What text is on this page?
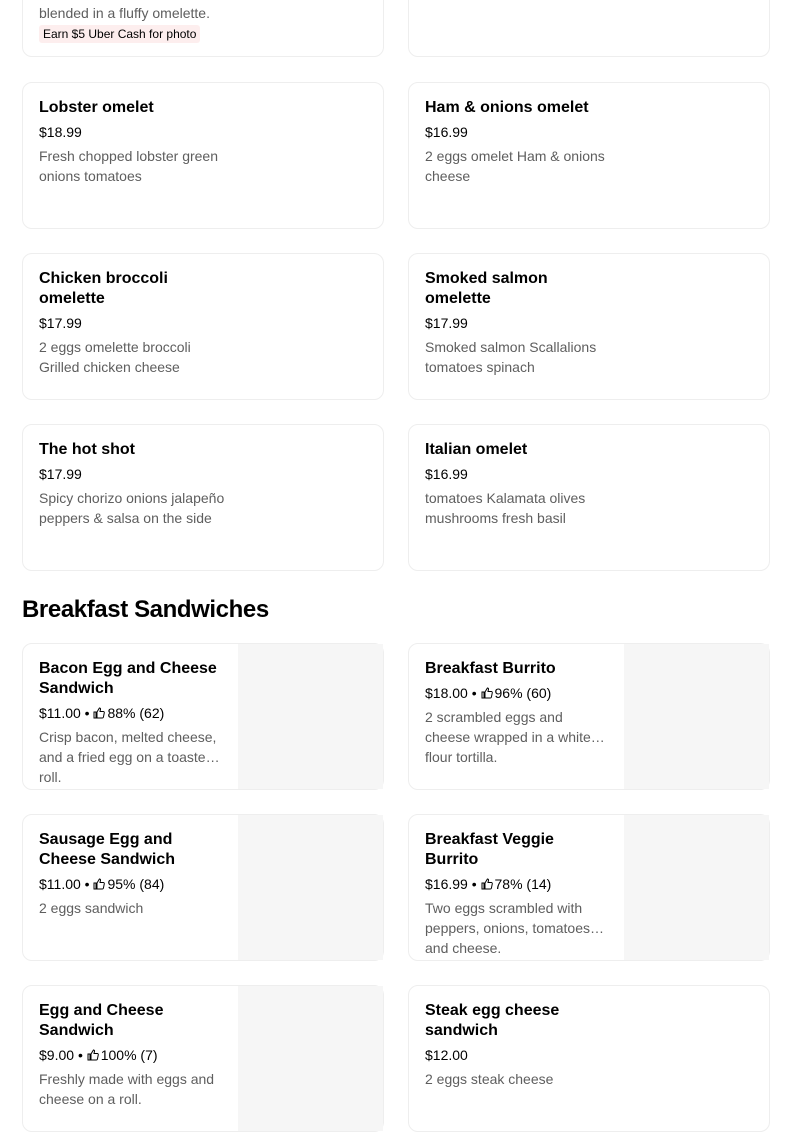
blended in a fluffy omelette.
Earn $5 Uber Cash for photo
Lobster omelet
$18.99
Fresh chopped lobster green onions tomatoes
Ham & onions omelet
$16.99
2 eggs omelet Ham & onions cheese
Chicken broccoli omelette
$17.99
2 eggs omelette broccoli Grilled chicken cheese
Smoked salmon omelette
$17.99
Smoked salmon Scallalions tomatoes spinach
The hot shot
$17.99
Spicy chorizo onions jalapeño peppers & salsa on the side
Italian omelet
$16.99
tomatoes Kalamata olives mushrooms fresh basil
Breakfast Sandwiches
Bacon Egg and Cheese Sandwich
$11.00 • 88% (62)
Crisp bacon, melted cheese, and a fried egg on a toasted roll.
Breakfast Burrito
$18.00 • 96% (60)
2 scrambled eggs and cheese wrapped in a white flour tortilla.
Sausage Egg and Cheese Sandwich
$11.00 • 95% (84)
2 eggs sandwich
Breakfast Veggie Burrito
$16.99 • 78% (14)
Two eggs scrambled with peppers, onions, tomatoes and cheese.
Egg and Cheese Sandwich
$9.00 • 100% (7)
Freshly made with eggs and cheese on a roll.
Steak egg cheese sandwich
$12.00
2 eggs steak cheese
